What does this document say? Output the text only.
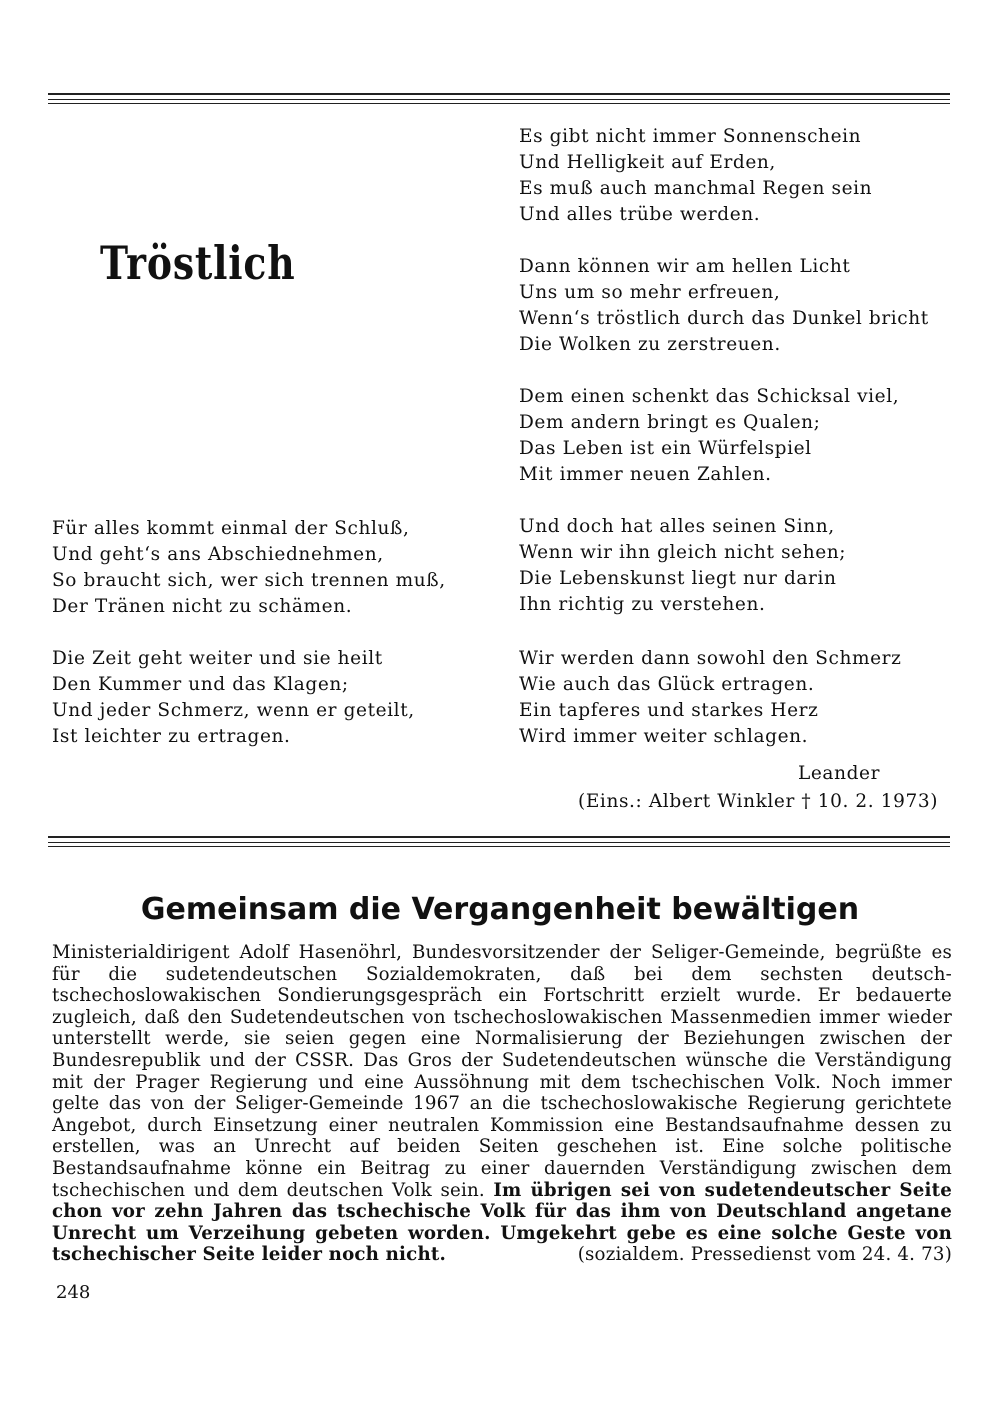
Tröstlich
Für alles kommt einmal der Schluß,
Und geht‘s ans Abschiednehmen,
So braucht sich, wer sich trennen muß,
Der Tränen nicht zu schämen.
Die Zeit geht weiter und sie heilt
Den Kummer und das Klagen;
Und jeder Schmerz, wenn er geteilt,
Ist leichter zu ertragen.
Es gibt nicht immer Sonnenschein
Und Helligkeit auf Erden,
Es muß auch manchmal Regen sein
Und alles trübe werden.
Dann können wir am hellen Licht
Uns um so mehr erfreuen,
Wenn‘s tröstlich durch das Dunkel bricht
Die Wolken zu zerstreuen.
Dem einen schenkt das Schicksal viel,
Dem andern bringt es Qualen;
Das Leben ist ein Würfelspiel
Mit immer neuen Zahlen.
Und doch hat alles seinen Sinn,
Wenn wir ihn gleich nicht sehen;
Die Lebenskunst liegt nur darin
Ihn richtig zu verstehen.
Wir werden dann sowohl den Schmerz
Wie auch das Glück ertragen.
Ein tapferes und starkes Herz
Wird immer weiter schlagen.
Leander
(Eins.: Albert Winkler † 10. 2. 1973)
Gemeinsam die Vergangenheit bewältigen

Ministerialdirigent Adolf Hasenöhrl, Bundesvorsitzender der Seliger-Gemeinde, begrüßte es für die sudetendeutschen Sozialdemokraten, daß bei dem sechsten deutsch-tschechoslowakischen Sondierungsgespräch ein Fortschritt erzielt wurde. Er bedauerte zugleich, daß den Sudetendeutschen von tschechoslowakischen Massenmedien immer wieder unterstellt werde, sie seien gegen eine Normalisierung der Beziehungen zwischen der Bundesrepublik und der CSSR. Das Gros der Sudetendeutschen wünsche die Verständigung mit der Prager Regierung und eine Aussöhnung mit dem tschechischen Volk. Noch immer gelte das von der Seliger-Gemeinde 1967 an die tschechoslowakische Regierung gerichtete Angebot, durch Einsetzung einer neutralen Kommission eine Bestandsaufnahme dessen zu erstellen, was an Unrecht auf beiden Seiten geschehen ist. Eine solche politische Bestandsaufnahme könne ein Beitrag zu einer dauernden Verständigung zwischen dem tschechischen und dem deutschen Volk sein. Im übrigen sei von sudetendeutscher Seite chon vor zehn Jahren das tschechische Volk für das ihm von Deutschland angetane Unrecht um Verzeihung gebeten worden. Umgekehrt gebe es eine solche Geste von tschechischer Seite leider noch nicht.	(sozialdem. Pressedienst vom 24. 4. 73)

248
